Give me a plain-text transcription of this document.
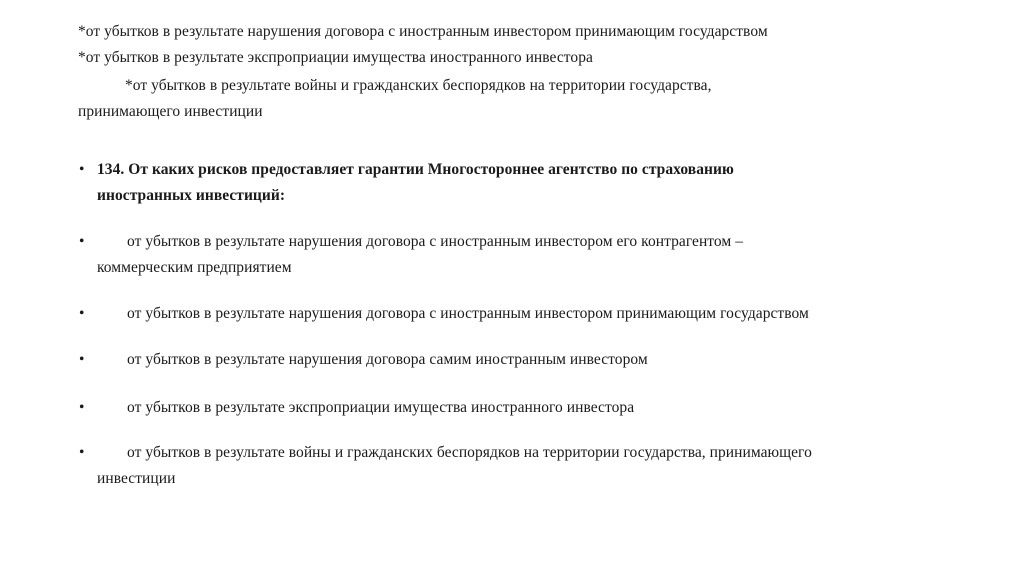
*от убытков в результате нарушения договора с иностранным инвестором принимающим государством
*от убытков в результате экспроприации имущества иностранного инвестора
*от убытков в результате войны и гражданских беспорядков на территории государства,
принимающего инвестиции
• 134. От каких рисков предоставляет гарантии Многостороннее агентство по страхованию
иностранных инвестиций:
•	от убытков в результате нарушения договора с иностранным инвестором его контрагентом –
коммерческим предприятием
•	от убытков в результате нарушения договора с иностранным инвестором принимающим государством
•	от убытков в результате нарушения договора самим иностранным инвестором
•	от убытков в результате экспроприации имущества иностранного инвестора
•	от убытков в результате войны и гражданских беспорядков на территории государства, принимающего
инвестиции
